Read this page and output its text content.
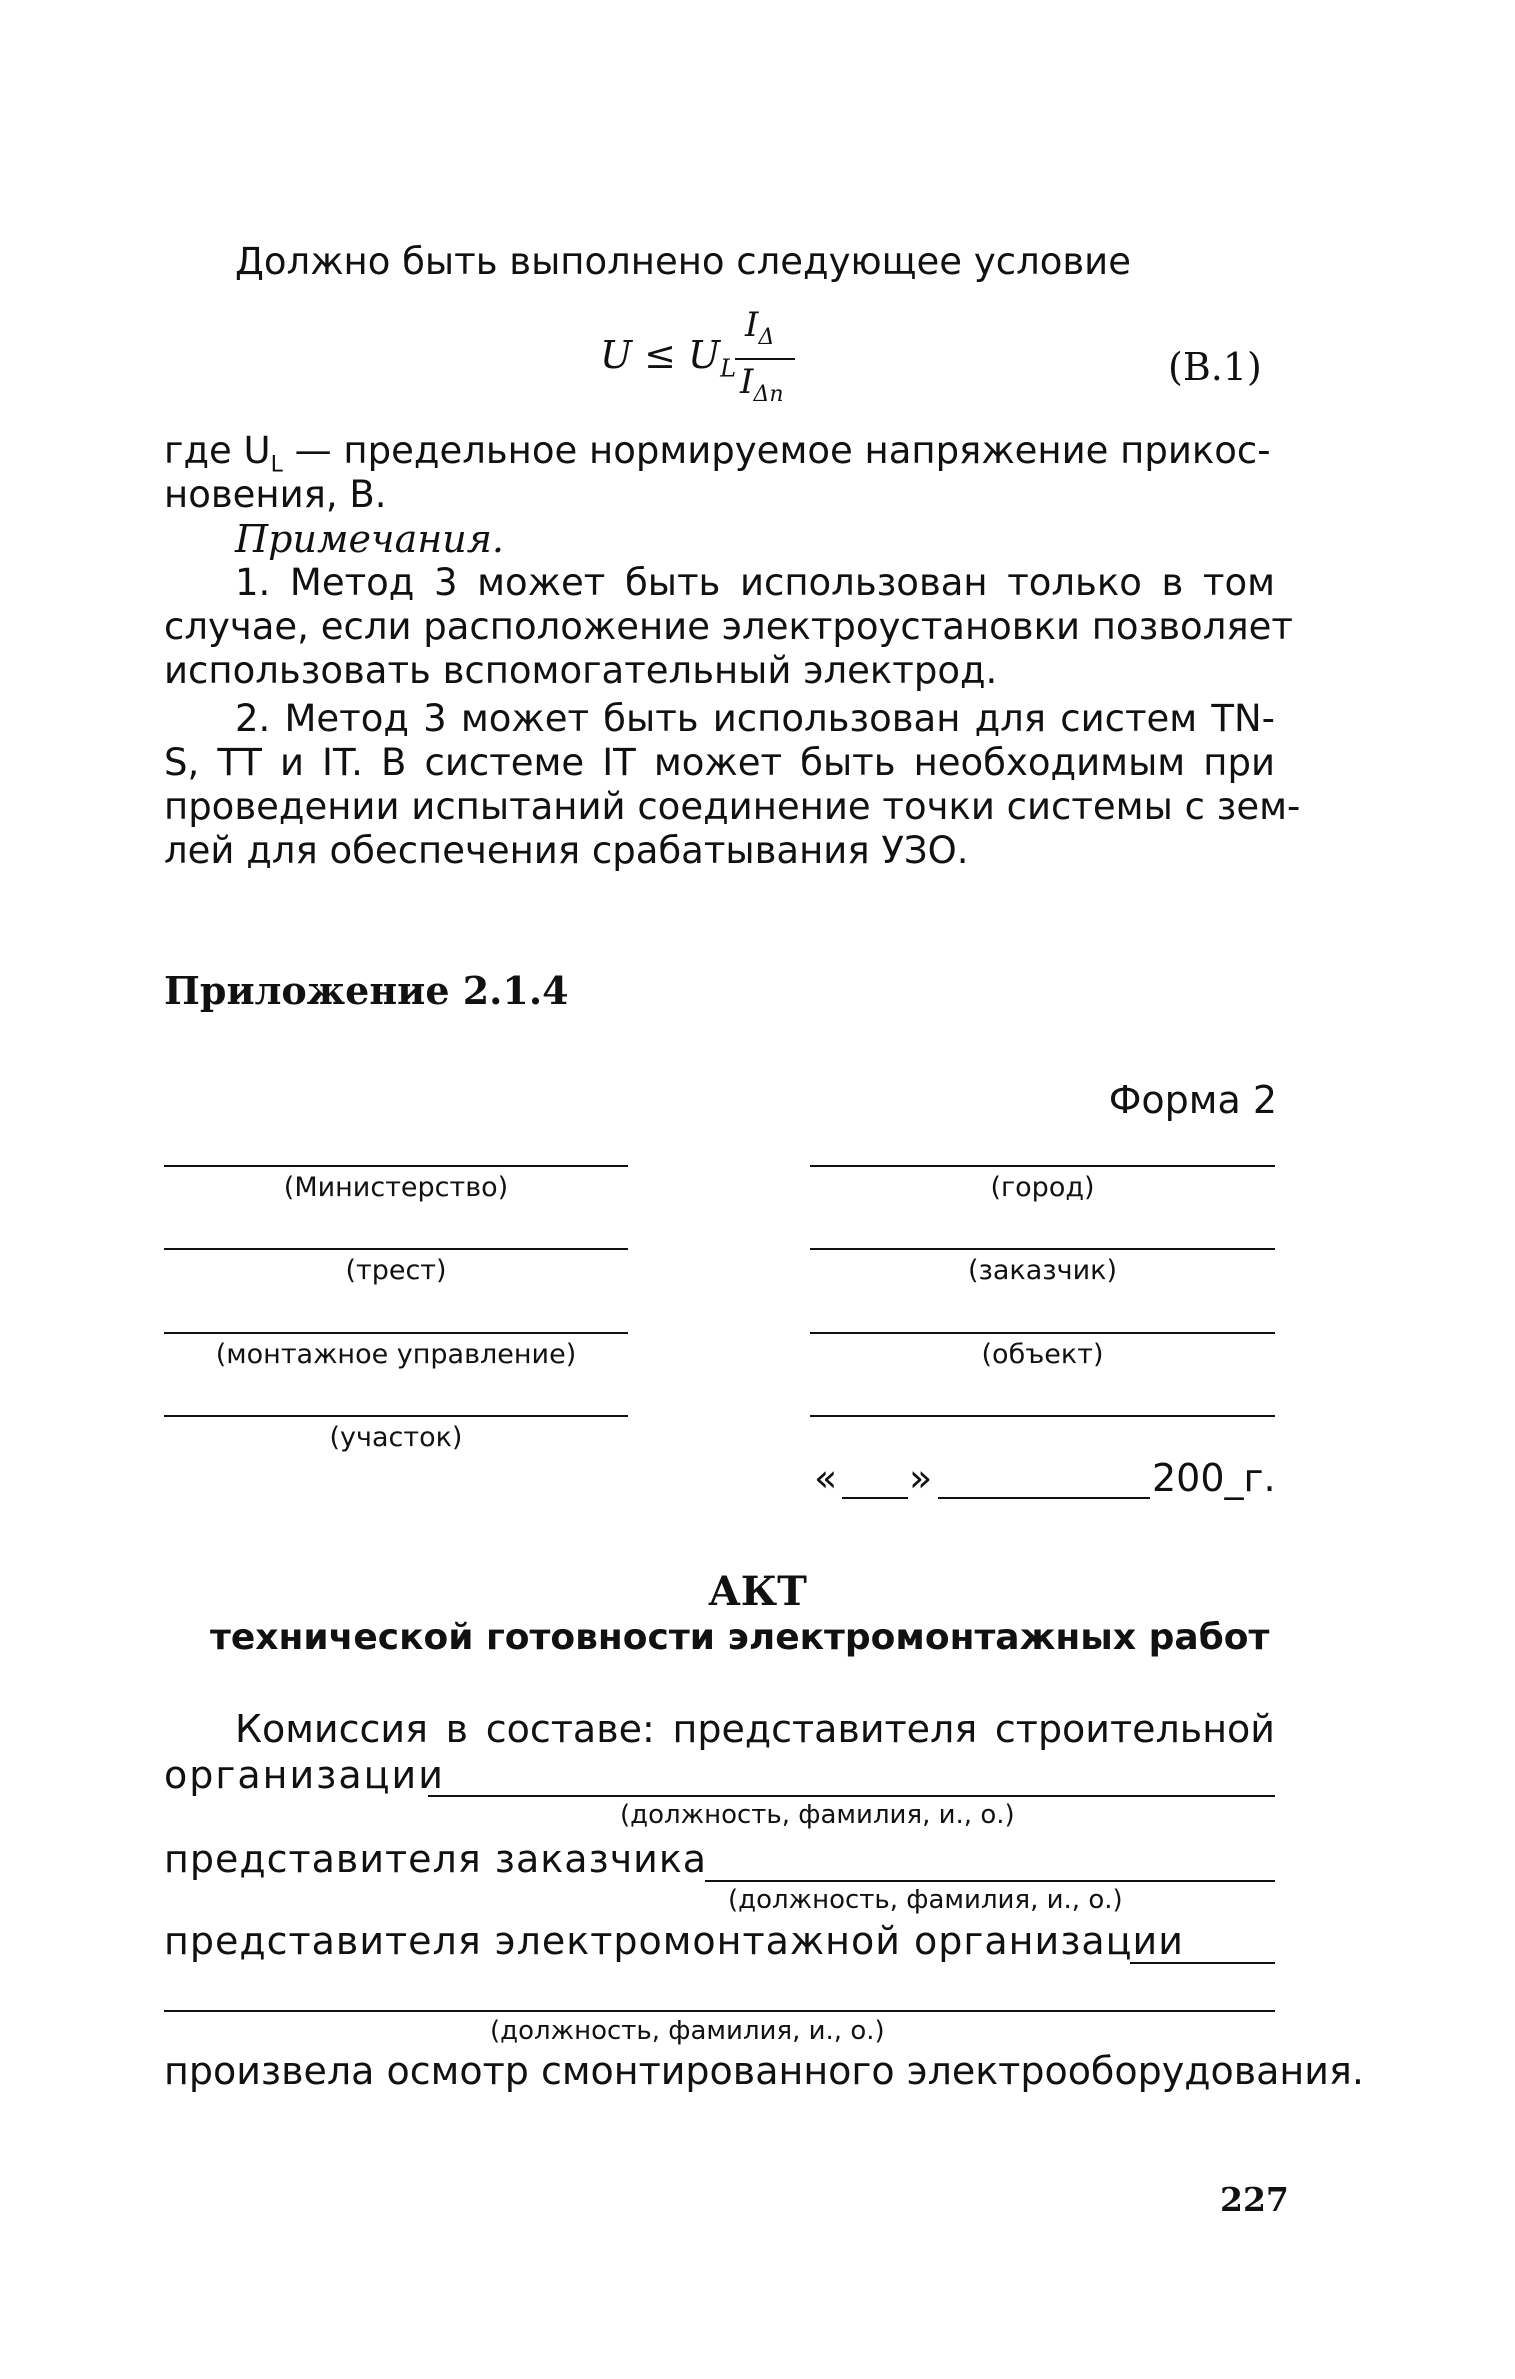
Должно быть выполнено следующее условие
$U \le U_L$
$I_\Delta$
$I_{\Delta n}$
(В.1)
где $U_L$ — предельное нормируемое напряжение прикос-
новения, В.
Примечания.
1. Метод 3 может быть использован только в том
случае, если расположение электроустановки позволяет
использовать вспомогательный электрод.
2. Метод 3 может быть использован для систем TN-
S, TT и IT. В системе IT может быть необходимым при
проведении испытаний соединение точки системы с зем-
лей для обеспечения срабатывания УЗО.
Приложение 2.1.4
Форма 2
(Министерство)
(трест)
(монтажное управление)
(участок)
(город)
(заказчик)
(объект)
« »	200_г.
АКТ
технической готовности электромонтажных работ
Комиссия в составе: представителя строительной
организации
(должность, фамилия, и., о.)
представителя заказчика
(должность, фамилия, и., о.)
представителя электромонтажной организации
(должность, фамилия, и., о.)
произвела осмотр смонтированного электрооборудования.
227
